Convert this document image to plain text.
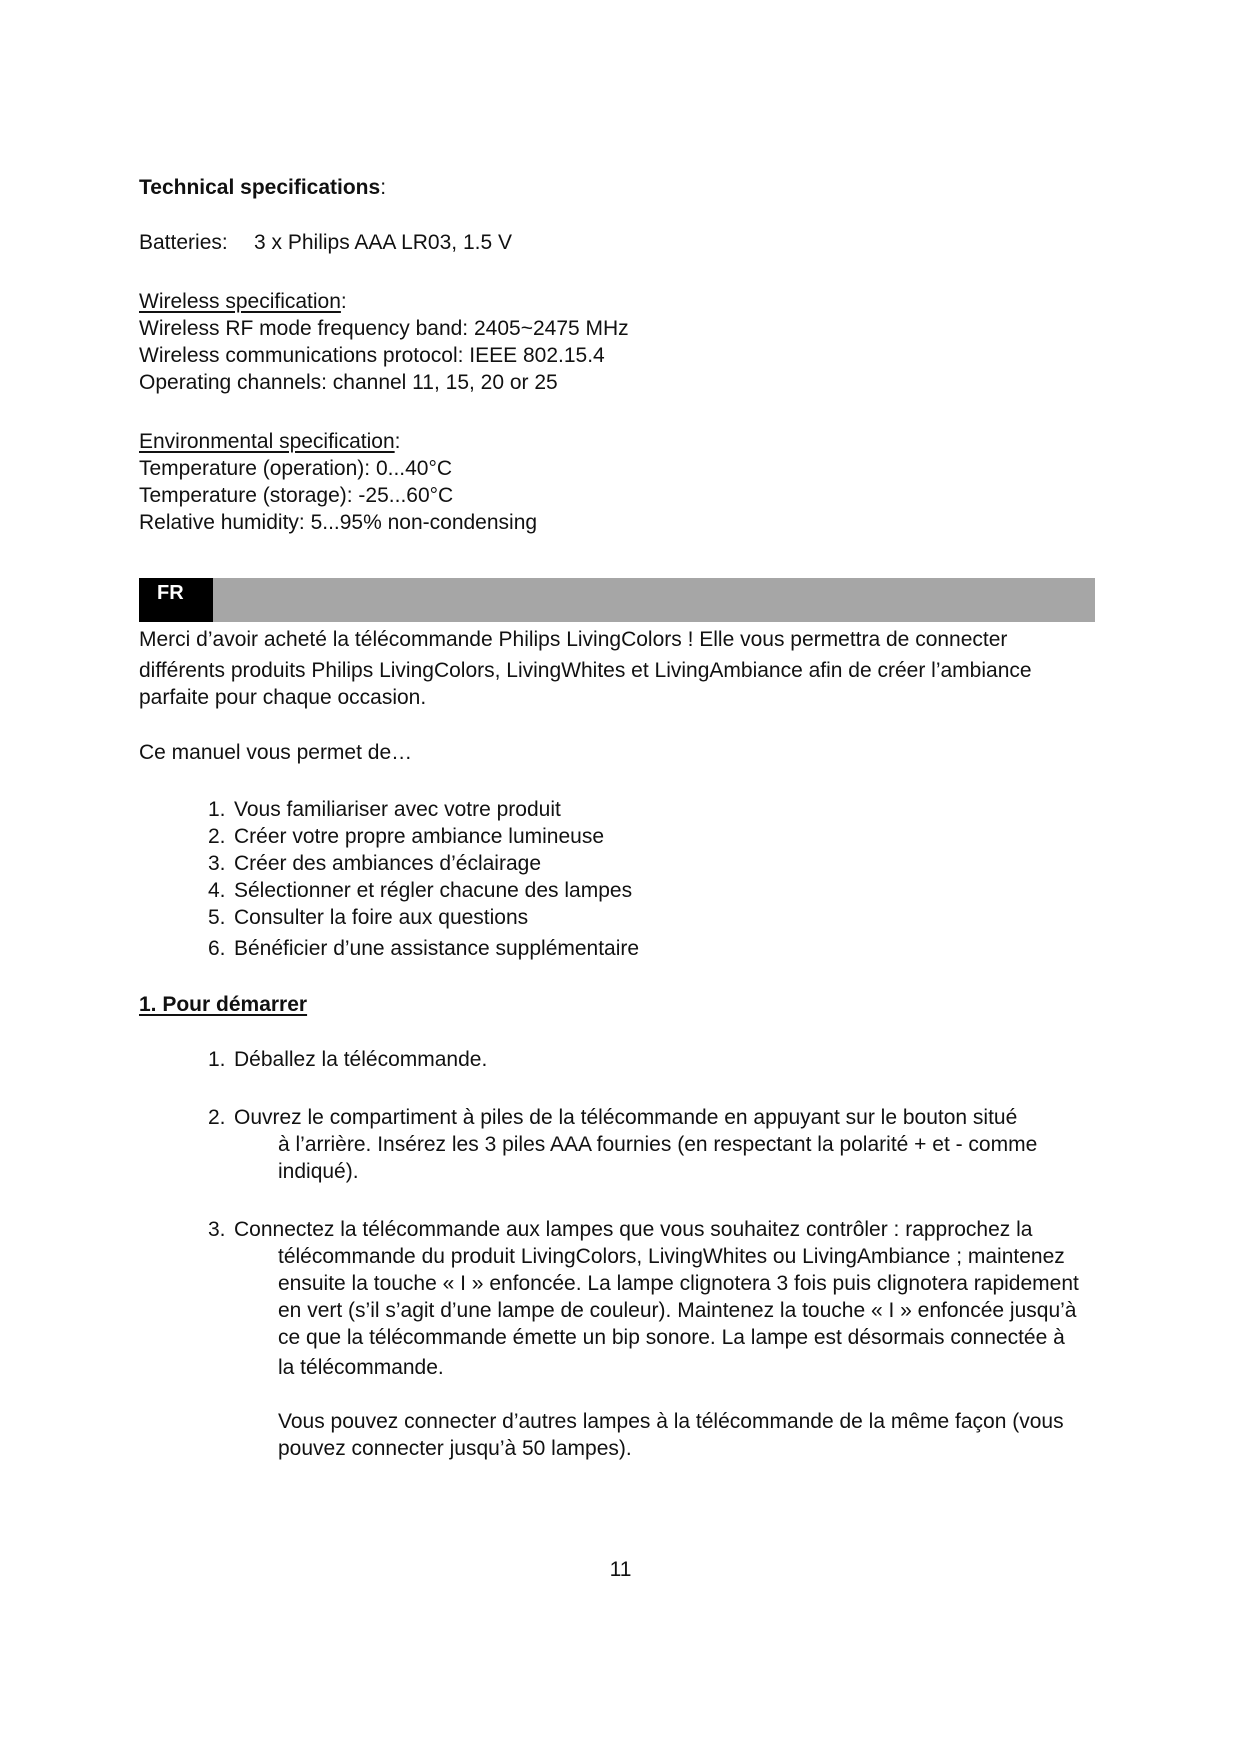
Technical specifications:
Batteries: 3 x Philips AAA LR03, 1.5 V
Wireless specification:
Wireless RF mode frequency band: 2405~2475 MHz
Wireless communications protocol: IEEE 802.15.4
Operating channels: channel 11, 15, 20 or 25
Environmental specification:
Temperature (operation): 0...40°C
Temperature (storage): -25...60°C
Relative humidity: 5...95% non-condensing
FR
Merci d’avoir acheté la télécommande Philips LivingColors ! Elle vous permettra de connecter
différents produits Philips LivingColors, LivingWhites et LivingAmbiance afin de créer l’ambiance
parfaite pour chaque occasion.
Ce manuel vous permet de…
1. Vous familiariser avec votre produit
2. Créer votre propre ambiance lumineuse
3. Créer des ambiances d’éclairage
4. Sélectionner et régler chacune des lampes
5. Consulter la foire aux questions
6. Bénéficier d’une assistance supplémentaire
1. Pour démarrer
1. Déballez la télécommande.
2. Ouvrez le compartiment à piles de la télécommande en appuyant sur le bouton situé
à l’arrière. Insérez les 3 piles AAA fournies (en respectant la polarité + et - comme
indiqué).
3. Connectez la télécommande aux lampes que vous souhaitez contrôler : rapprochez la
télécommande du produit LivingColors, LivingWhites ou LivingAmbiance ; maintenez
ensuite la touche « I » enfoncée. La lampe clignotera 3 fois puis clignotera rapidement
en vert (s’il s’agit d’une lampe de couleur). Maintenez la touche « I » enfoncée jusqu’à
ce que la télécommande émette un bip sonore. La lampe est désormais connectée à
la télécommande.
Vous pouvez connecter d’autres lampes à la télécommande de la même façon (vous
pouvez connecter jusqu’à 50 lampes).
11
